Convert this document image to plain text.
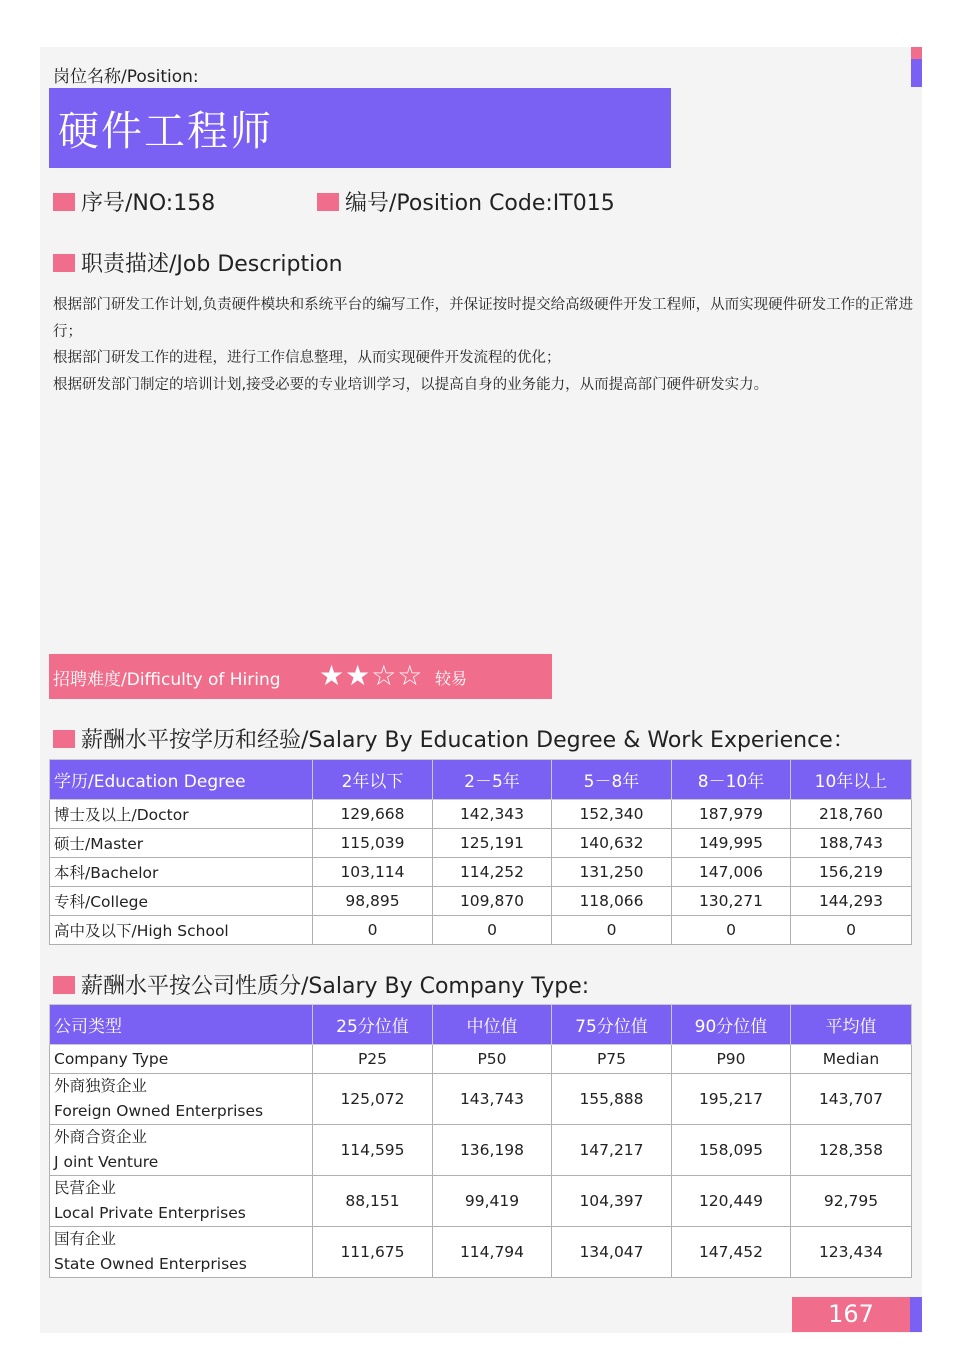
岗位名称/Position:
硬件工程师
序号/NO:158	编号/Position Code:IT015
职责描述/Job Description
根据部门研发工作计划,负责硬件模块和系统平台的编写工作，并保证按时提交给高级硬件开发工程师，从而实现硬件研发工作的正常进行；
根据部门研发工作的进程，进行工作信息整理，从而实现硬件开发流程的优化；
根据研发部门制定的培训计划,接受必要的专业培训学习，以提高自身的业务能力，从而提高部门硬件研发实力。
招聘难度/Difficulty of Hiring ★★☆☆ 较易
薪酬水平按学历和经验/Salary By Education Degree & Work Experience：
学历/Education Degree	2年以下	2－5年	5－8年	8－10年	10年以上
博士及以上/Doctor	129,668	142,343	152,340	187,979	218,760
硕士/Master	115,039	125,191	140,632	149,995	188,743
本科/Bachelor	103,114	114,252	131,250	147,006	156,219
专科/College	98,895	109,870	118,066	130,271	144,293
高中及以下/High School	0	0	0	0	0
薪酬水平按公司性质分/Salary By Company Type:
公司类型	25分位值	中位值	75分位值	90分位值	平均值
Company Type	P25	P50	P75	P90	Median

外商独资企业
Foreign Owned Enterprises	125,072	143,743	155,888	195,217	143,707

外商合资企业
J oint Venture	114,595	136,198	147,217	158,095	128,358

民营企业
Local Private Enterprises	88,151	99,419	104,397	120,449	92,795

国有企业
State Owned Enterprises	111,675	114,794	134,047	147,452	123,434
167
